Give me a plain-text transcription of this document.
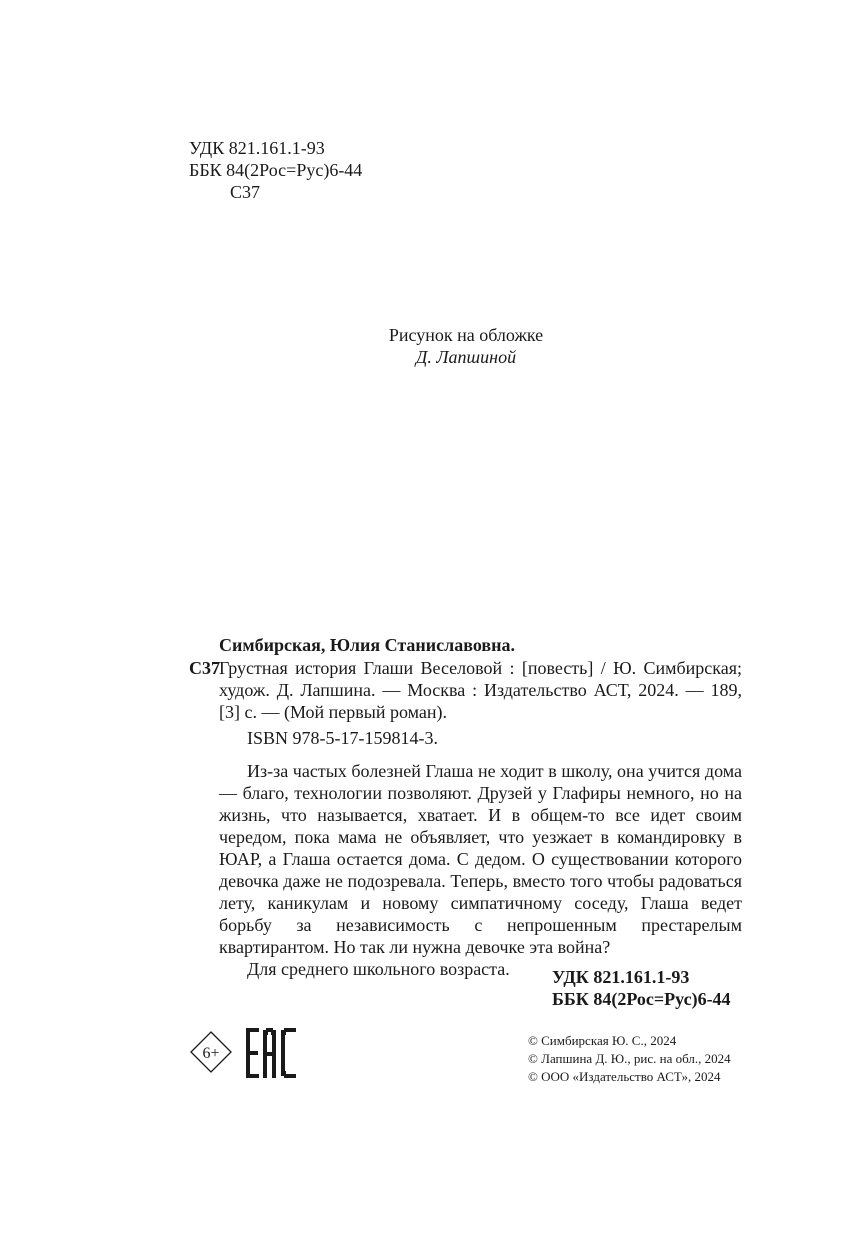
УДК 821.161.1-93
ББК 84(2Рос=Рус)6-44
С37
Рисунок на обложке
Д. Лапшиной
Симбирская, Юлия Станиславовна.
С37 Грустная история Глаши Веселовой : [повесть] / Ю. Симбирская; худож. Д. Лапшина. — Москва : Издательство АСТ, 2024. — 189, [3] с. — (Мой первый роман).

ISBN 978-5-17-159814-3.

Из-за частых болезней Глаша не ходит в школу, она учится дома — благо, технологии позволяют. Друзей у Глафиры немного, но на жизнь, что называется, хватает. И в общем-то все идет своим чередом, пока мама не объявляет, что уезжает в командировку в ЮАР, а Глаша остается дома. С дедом. О существовании которого девочка даже не подозревала. Теперь, вместо того чтобы радоваться лету, каникулам и новому симпатичному соседу, Глаша ведет борьбу за независимость с непрошенным престарелым квартирантом. Но так ли нужна девочке эта война?

Для среднего школьного возраста.	УДК 821.161.1-93
ББК 84(2Рос=Рус)6-44
6+
© Симбирская Ю. С., 2024
© Лапшина Д. Ю., рис. на обл., 2024
© ООО «Издательство АСТ», 2024
